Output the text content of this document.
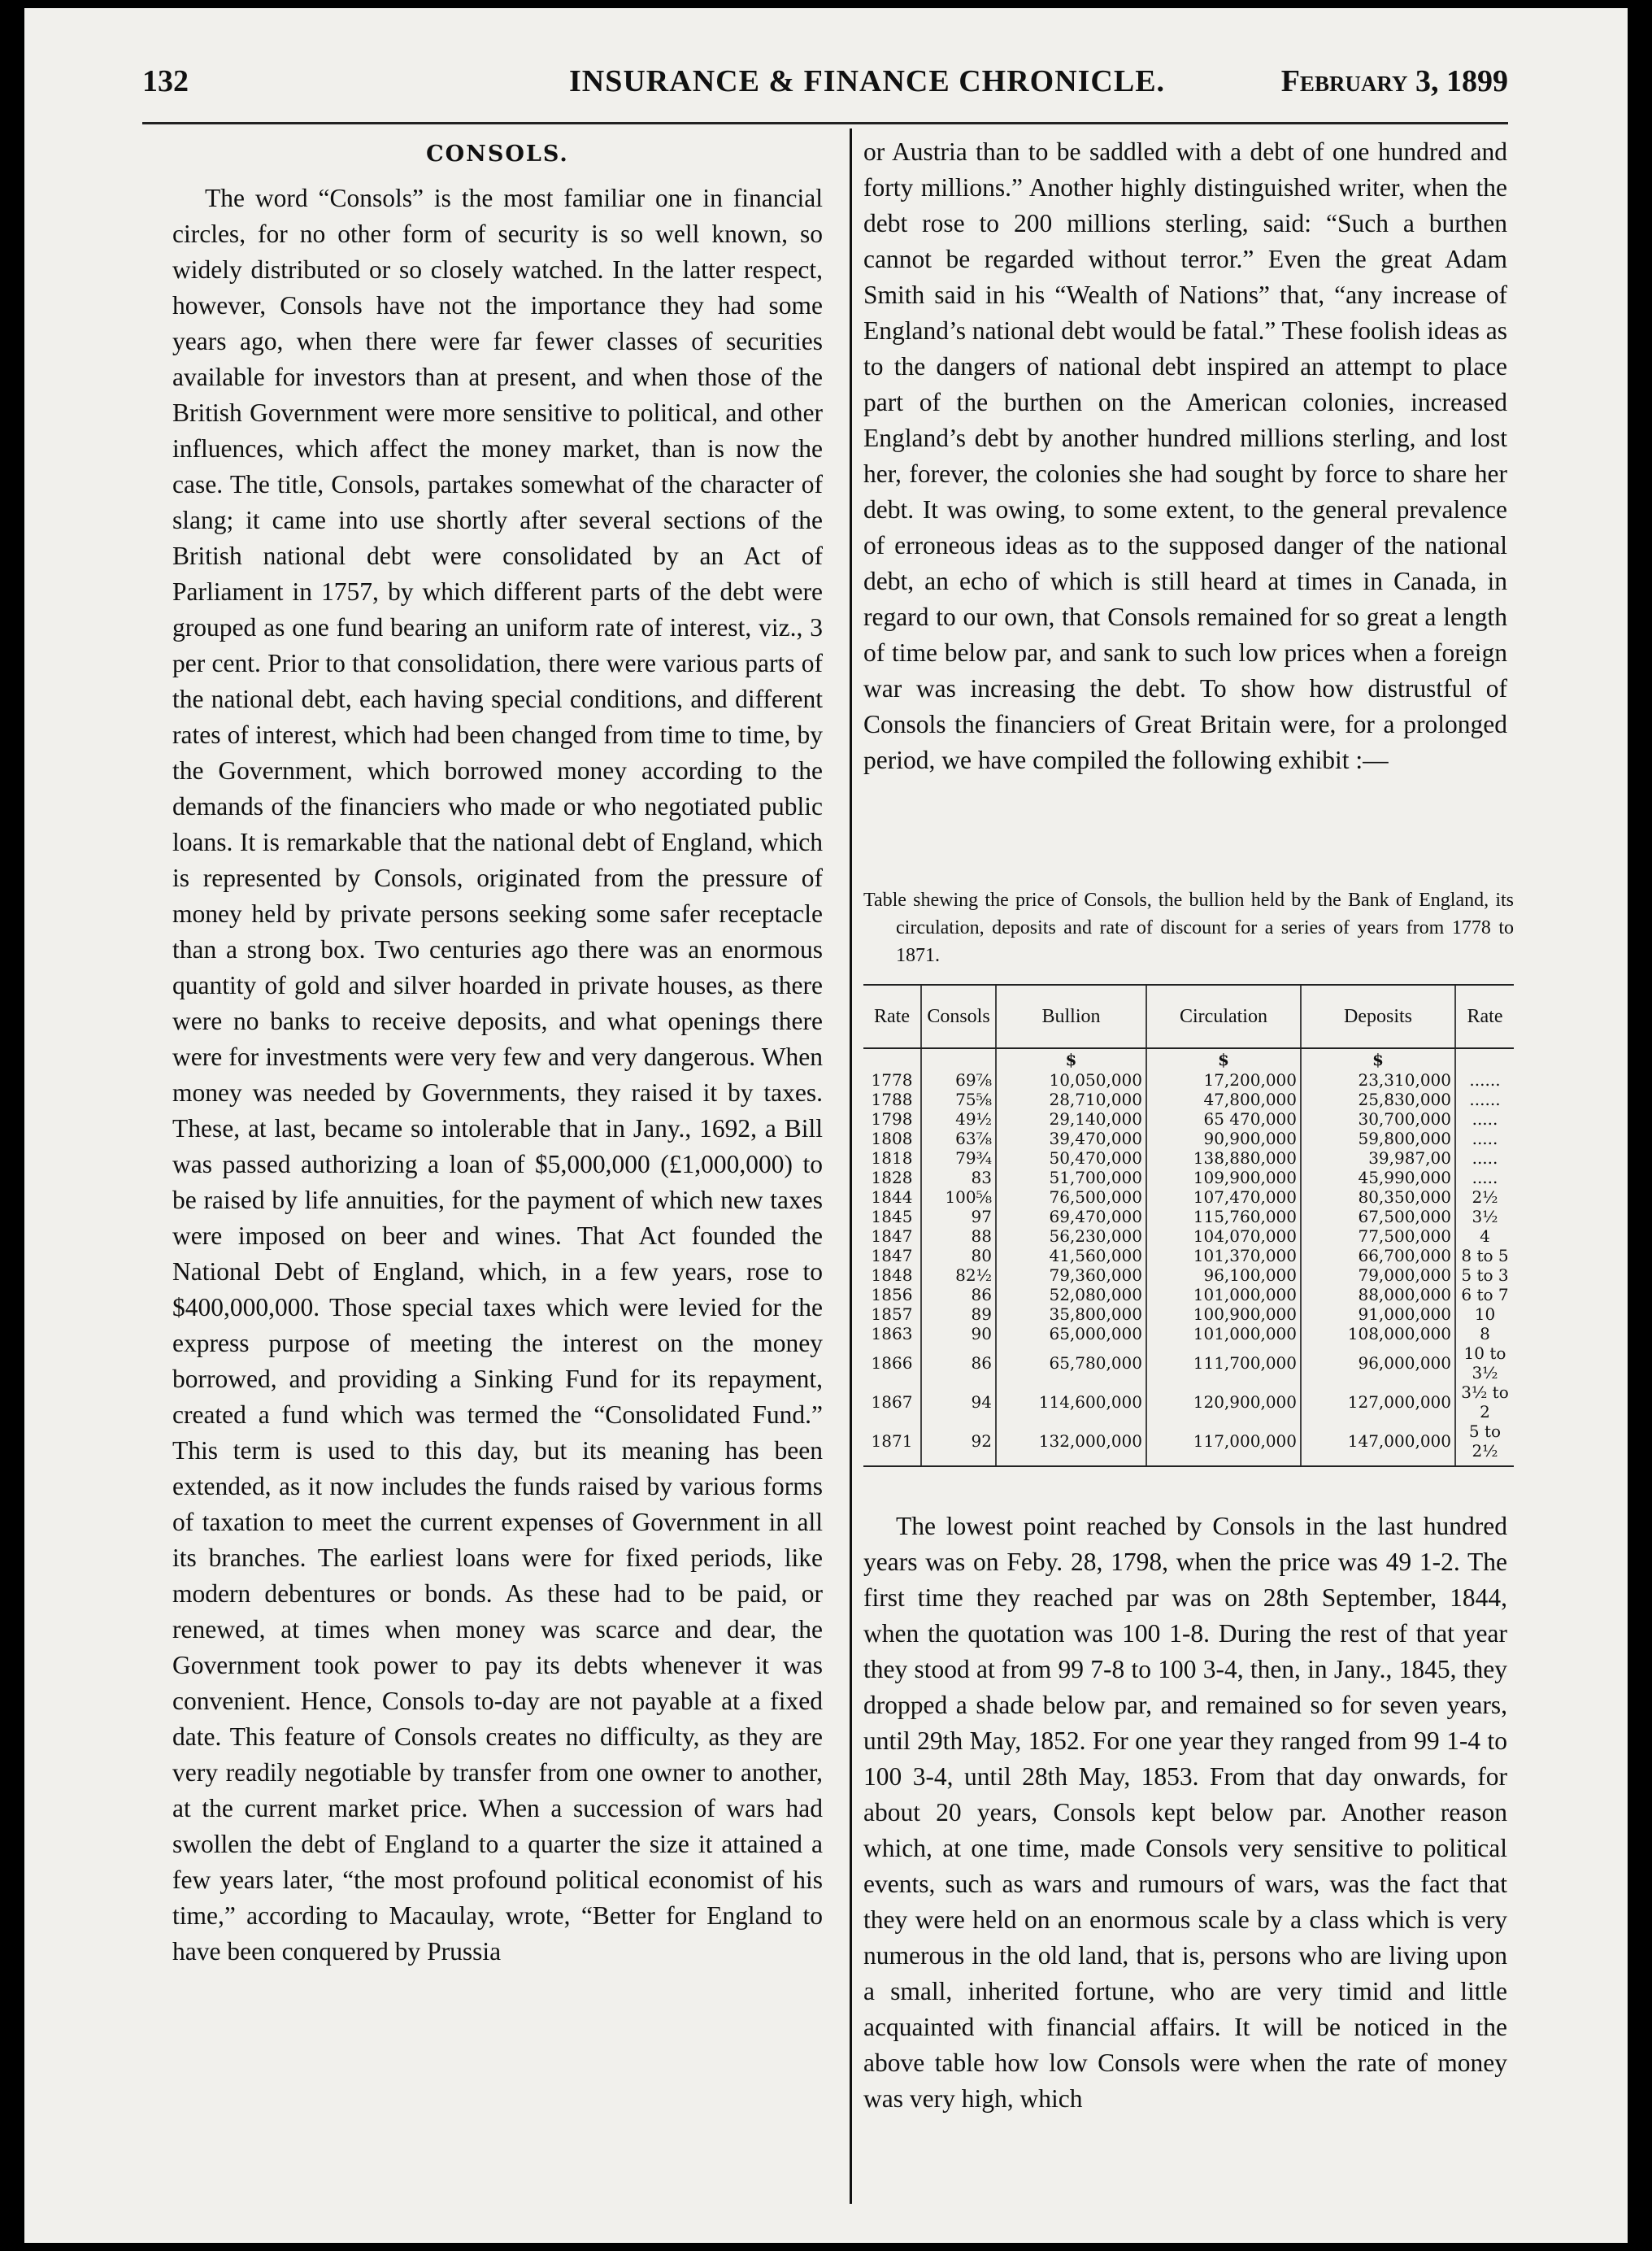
132	INSURANCE & FINANCE CHRONICLE.	February 3, 1899
CONSOLS.

The word “Consols” is the most familiar one in financial circles, for no other form of security is so well known, so widely distributed or so closely watched. In the latter respect, however, Consols have not the importance they had some years ago, when there were far fewer classes of securities available for investors than at present, and when those of the British Government were more sensitive to political, and other influences, which affect the money market, than is now the case. The title, Consols, partakes somewhat of the character of slang; it came into use shortly after several sections of the British national debt were consolidated by an Act of Parliament in 1757, by which different parts of the debt were grouped as one fund bearing an uniform rate of interest, viz., 3 per cent. Prior to that consolidation, there were various parts of the national debt, each having special conditions, and different rates of interest, which had been changed from time to time, by the Government, which borrowed money according to the demands of the financiers who made or who negotiated public loans. It is remarkable that the national debt of England, which is represented by Consols, originated from the pressure of money held by private persons seeking some safer receptacle than a strong box. Two centuries ago there was an enormous quantity of gold and silver hoarded in private houses, as there were no banks to receive deposits, and what openings there were for investments were very few and very dangerous. When money was needed by Governments, they raised it by taxes. These, at last, became so intolerable that in Jany., 1692, a Bill was passed authorizing a loan of $5,000,000 (£1,000,000) to be raised by life annuities, for the payment of which new taxes were imposed on beer and wines. That Act founded the National Debt of England, which, in a few years, rose to $400,000,000. Those special taxes which were levied for the express purpose of meeting the interest on the money borrowed, and providing a Sinking Fund for its repayment, created a fund which was termed the “Consolidated Fund.” This term is used to this day, but its meaning has been extended, as it now includes the funds raised by various forms of taxation to meet the current expenses of Government in all its branches. The earliest loans were for fixed periods, like modern debentures or bonds. As these had to be paid, or renewed, at times when money was scarce and dear, the Government took power to pay its debts whenever it was convenient. Hence, Consols to-day are not payable at a fixed date. This feature of Consols creates no difficulty, as they are very readily negotiable by transfer from one owner to another, at the current market price. When a succession of wars had swollen the debt of England to a quarter the size it attained a few years later, “the most profound political economist of his time,” according to Macaulay, wrote, “Better for England to have been conquered by Prussia

or Austria than to be saddled with a debt of one hundred and forty millions.” Another highly distinguished writer, when the debt rose to 200 millions sterling, said: “Such a burthen cannot be regarded without terror.” Even the great Adam Smith said in his “Wealth of Nations” that, “any increase of England’s national debt would be fatal.” These foolish ideas as to the dangers of national debt inspired an attempt to place part of the burthen on the American colonies, increased England’s debt by another hundred millions sterling, and lost her, forever, the colonies she had sought by force to share her debt. It was owing, to some extent, to the general prevalence of erroneous ideas as to the supposed danger of the national debt, an echo of which is still heard at times in Canada, in regard to our own, that Consols remained for so great a length of time below par, and sank to such low prices when a foreign war was increasing the debt. To show how distrustful of Consols the financiers of Great Britain were, for a prolonged period, we have compiled the following exhibit :—

Table shewing the price of Consols, the bullion held by the Bank of England, its circulation, deposits and rate of discount for a series of years from 1778 to 1871.
Rate	Consols	Bullion	Circulation	Deposits	Rate
		$	$	$	
1778	69⅞	10,050,000	17,200,000	23,310,000	......
1788	75⅝	28,710,000	47,800,000	25,830,000	......
1798	49½	29,140,000	65 470,000	30,700,000	.....
1808	63⅞	39,470,000	90,900,000	59,800,000	.....
1818	79¾	50,470,000	138,880,000	39,987,00	.....
1828	83	51,700,000	109,900,000	45,990,000	.....
1844	100⅝	76,500,000	107,470,000	80,350,000	2½
1845	97	69,470,000	115,760,000	67,500,000	3½
1847	88	56,230,000	104,070,000	77,500,000	4
1847	80	41,560,000	101,370,000	66,700,000	8 to 5
1848	82½	79,360,000	96,100,000	79,000,000	5 to 3
1856	86	52,080,000	101,000,000	88,000,000	6 to 7
1857	89	35,800,000	100,900,000	91,000,000	10
1863	90	65,000,000	101,000,000	108,000,000	8
1866	86	65,780,000	111,700,000	96,000,000	10 to 3½
1867	94	114,600,000	120,900,000	127,000,000	3½ to 2
1871	92	132,000,000	117,000,000	147,000,000	5 to 2½

The lowest point reached by Consols in the last hundred years was on Feby. 28, 1798, when the price was 49 1-2. The first time they reached par was on 28th September, 1844, when the quotation was 100 1-8. During the rest of that year they stood at from 99 7-8 to 100 3-4, then, in Jany., 1845, they dropped a shade below par, and remained so for seven years, until 29th May, 1852. For one year they ranged from 99 1-4 to 100 3-4, until 28th May, 1853. From that day onwards, for about 20 years, Consols kept below par. Another reason which, at one time, made Consols very sensitive to political events, such as wars and rumours of wars, was the fact that they were held on an enormous scale by a class which is very numerous in the old land, that is, persons who are living upon a small, inherited fortune, who are very timid and little acquainted with financial affairs. It will be noticed in the above table how low Consols were when the rate of money was very high, which
